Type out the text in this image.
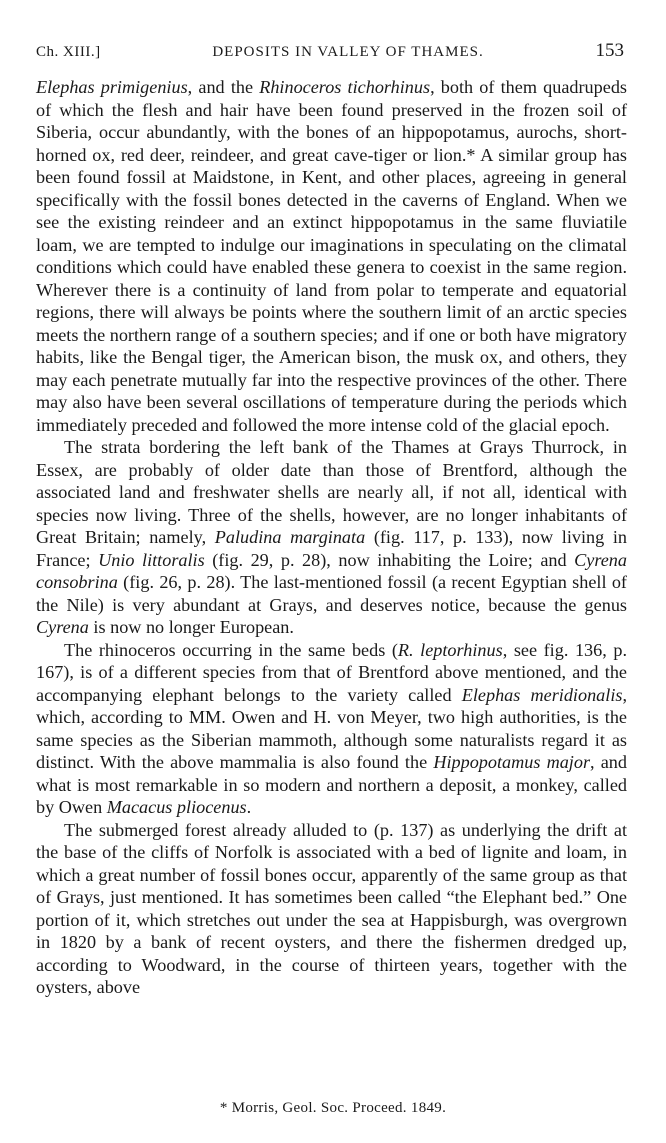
Ch. XIII.]	DEPOSITS IN VALLEY OF THAMES.	153

Elephas primigenius, and the Rhinoceros tichorhinus, both of them quadrupeds of which the flesh and hair have been found preserved in the frozen soil of Siberia, occur abundantly, with the bones of an hippopotamus, aurochs, short-horned ox, red deer, reindeer, and great cave-tiger or lion.* A similar group has been found fossil at Maidstone, in Kent, and other places, agreeing in general specifically with the fossil bones detected in the caverns of England. When we see the existing reindeer and an extinct hippopotamus in the same fluviatile loam, we are tempted to indulge our imaginations in speculating on the climatal conditions which could have enabled these genera to coexist in the same region. Wherever there is a continuity of land from polar to temperate and equatorial regions, there will always be points where the southern limit of an arctic species meets the northern range of a southern species; and if one or both have migratory habits, like the Bengal tiger, the American bison, the musk ox, and others, they may each penetrate mutually far into the respective provinces of the other. There may also have been several oscillations of temperature during the periods which immediately preceded and followed the more intense cold of the glacial epoch.

The strata bordering the left bank of the Thames at Grays Thurrock, in Essex, are probably of older date than those of Brentford, although the associated land and freshwater shells are nearly all, if not all, identical with species now living. Three of the shells, however, are no longer inhabitants of Great Britain; namely, Paludina marginata (fig. 117, p. 133), now living in France; Unio littoralis (fig. 29, p. 28), now inhabiting the Loire; and Cyrena consobrina (fig. 26, p. 28). The last-mentioned fossil (a recent Egyptian shell of the Nile) is very abundant at Grays, and deserves notice, because the genus Cyrena is now no longer European.

The rhinoceros occurring in the same beds (R. leptorhinus, see fig. 136, p. 167), is of a different species from that of Brentford above mentioned, and the accompanying elephant belongs to the variety called Elephas meridionalis, which, according to MM. Owen and H. von Meyer, two high authorities, is the same species as the Siberian mammoth, although some naturalists regard it as distinct. With the above mammalia is also found the Hippopotamus major, and what is most remarkable in so modern and northern a deposit, a monkey, called by Owen Macacus pliocenus.

The submerged forest already alluded to (p. 137) as underlying the drift at the base of the cliffs of Norfolk is associated with a bed of lignite and loam, in which a great number of fossil bones occur, apparently of the same group as that of Grays, just mentioned. It has sometimes been called “the Elephant bed.” One portion of it, which stretches out under the sea at Happisburgh, was overgrown in 1820 by a bank of recent oysters, and there the fishermen dredged up, according to Woodward, in the course of thirteen years, together with the oysters, above

* Morris, Geol. Soc. Proceed. 1849.
